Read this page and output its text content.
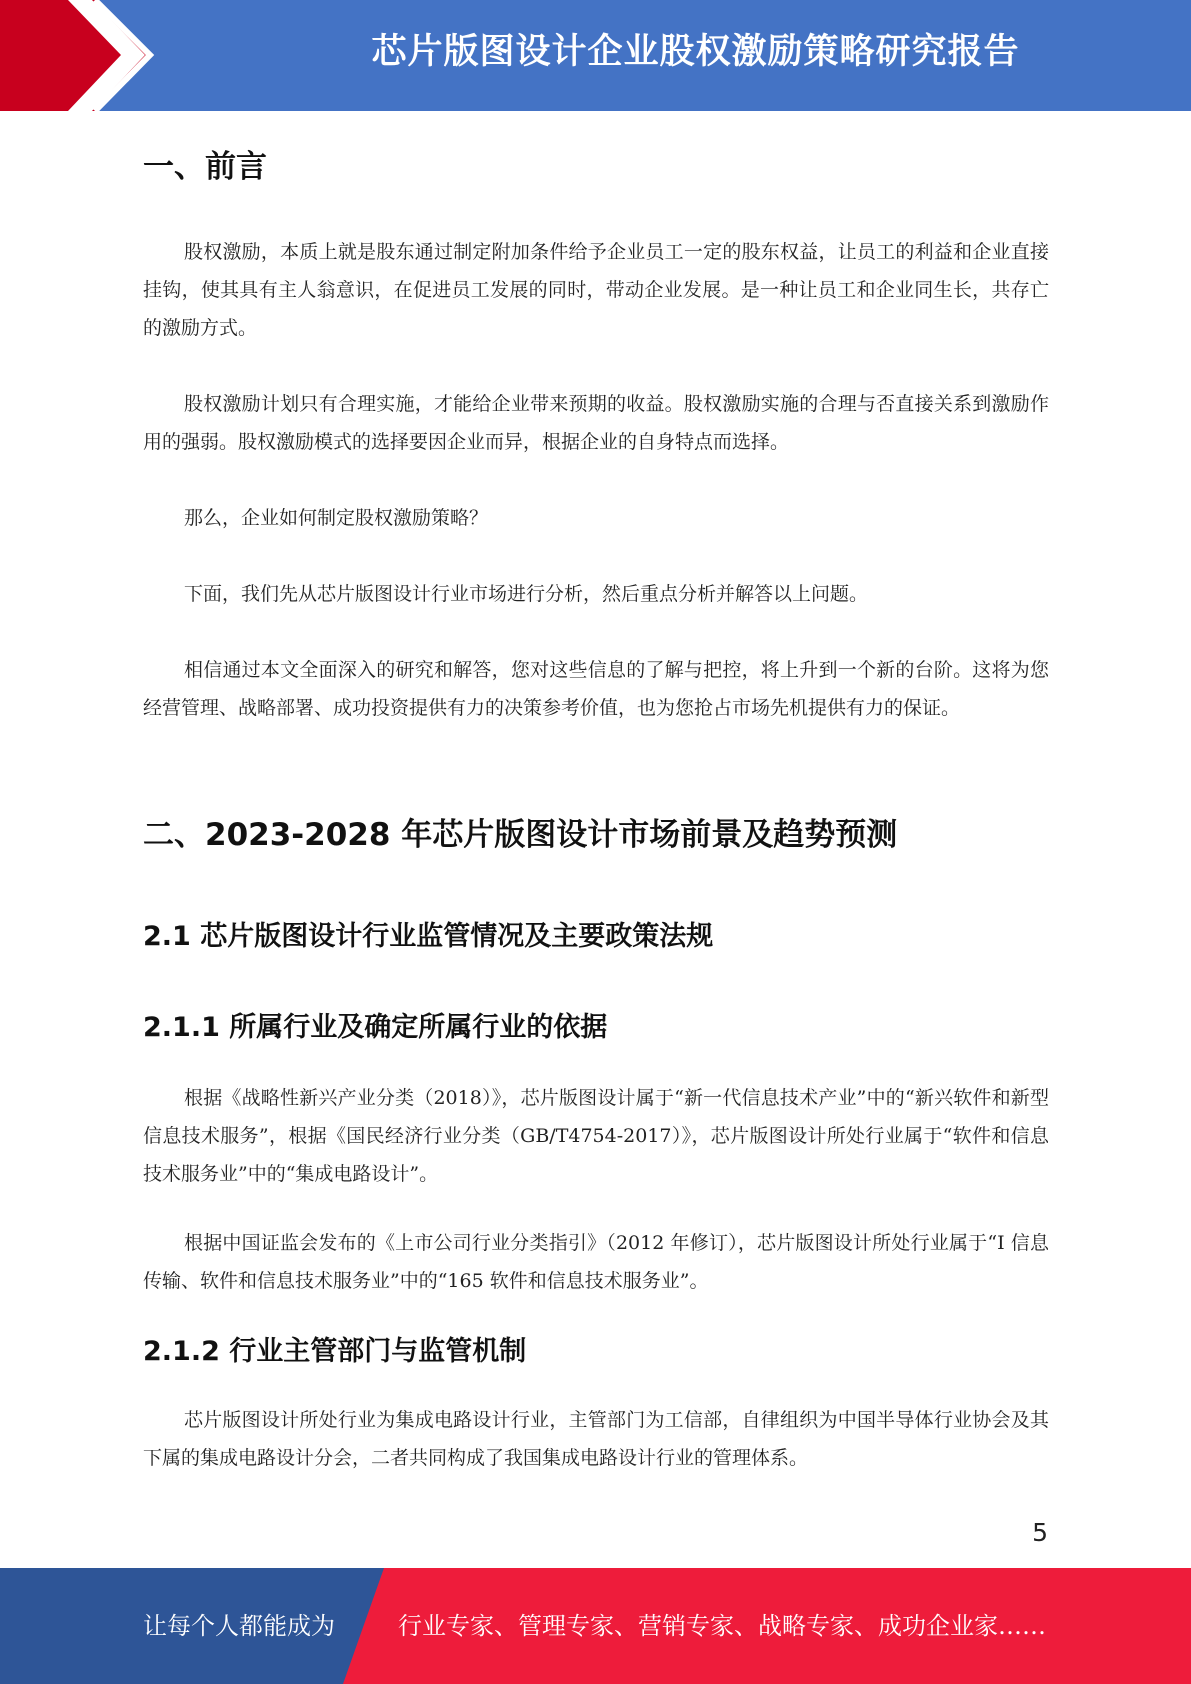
芯片版图设计企业股权激励策略研究报告
一、前言

股权激励，本质上就是股东通过制定附加条件给予企业员工一定的股东权益，让员工的利益和企业直接挂钩，使其具有主人翁意识，在促进员工发展的同时，带动企业发展。是一种让员工和企业同生长，共存亡的激励方式。

股权激励计划只有合理实施，才能给企业带来预期的收益。股权激励实施的合理与否直接关系到激励作用的强弱。股权激励模式的选择要因企业而异，根据企业的自身特点而选择。

那么，企业如何制定股权激励策略？

下面，我们先从芯片版图设计行业市场进行分析，然后重点分析并解答以上问题。

相信通过本文全面深入的研究和解答，您对这些信息的了解与把控，将上升到一个新的台阶。这将为您经营管理、战略部署、成功投资提供有力的决策参考价值，也为您抢占市场先机提供有力的保证。

二、2023-2028 年芯片版图设计市场前景及趋势预测
2.1 芯片版图设计行业监管情况及主要政策法规
2.1.1 所属行业及确定所属行业的依据

根据《战略性新兴产业分类（2018）》，芯片版图设计属于“新一代信息技术产业”中的“新兴软件和新型信息技术服务”，根据《国民经济行业分类（GB/T4754-2017）》，芯片版图设计所处行业属于“软件和信息技术服务业”中的“集成电路设计”。

根据中国证监会发布的《上市公司行业分类指引》（2012 年修订），芯片版图设计所处行业属于“I 信息传输、软件和信息技术服务业”中的“165 软件和信息技术服务业”。

2.1.2 行业主管部门与监管机制

芯片版图设计所处行业为集成电路设计行业，主管部门为工信部，自律组织为中国半导体行业协会及其下属的集成电路设计分会，二者共同构成了我国集成电路设计行业的管理体系。

5
让每个人都能成为	行业专家、管理专家、营销专家、战略专家、成功企业家……
